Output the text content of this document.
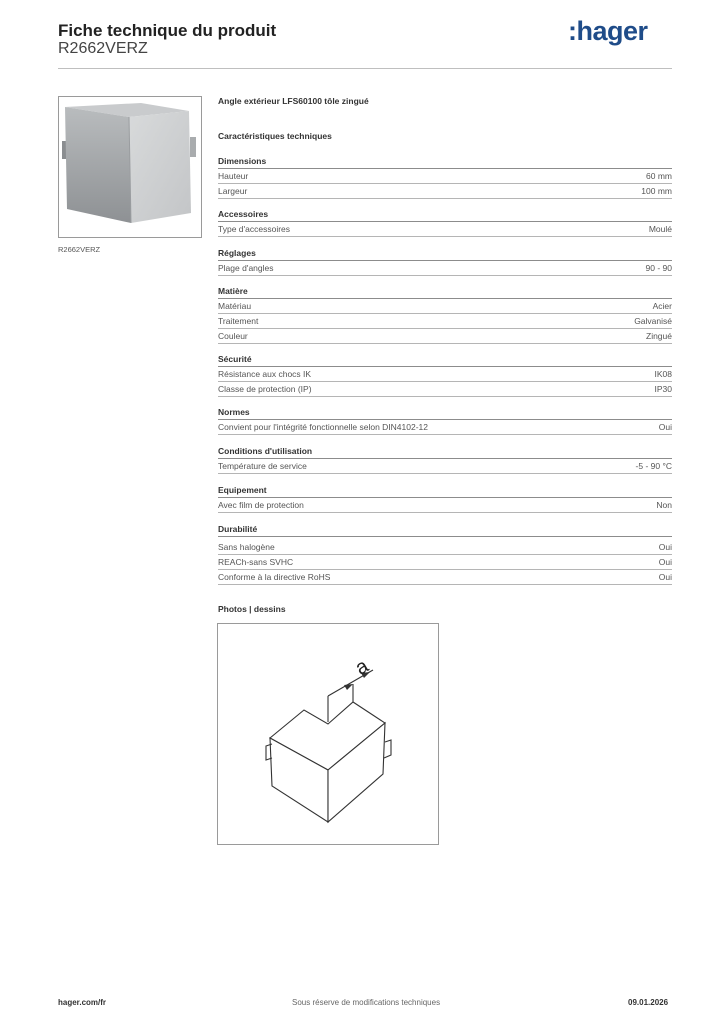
Fiche technique du produit
R2662VERZ
:hager
R2662VERZ
Angle extérieur LFS60100 tôle zingué
Caractéristiques techniques
Dimensions
Hauteur	60 mm
Largeur	100 mm
Accessoires
Type d'accessoires	Moulé
Réglages
Plage d'angles	90 - 90
Matière
Matériau	Acier
Traitement	Galvanisé
Couleur	Zingué
Sécurité
Résistance aux chocs IK	IK08
Classe de protection (IP)	IP30
Normes
Convient pour l'intégrité fonctionnelle selon DIN4102-12	Oui
Conditions d'utilisation
Température de service	-5 - 90 °C
Equipement
Avec film de protection	Non
Durabilité
Sans halogène	Oui
REACh-sans SVHC	Oui
Conforme à la directive RoHS	Oui
Photos | dessins
a
hager.com/fr	Sous réserve de modifications techniques	09.01.2026
